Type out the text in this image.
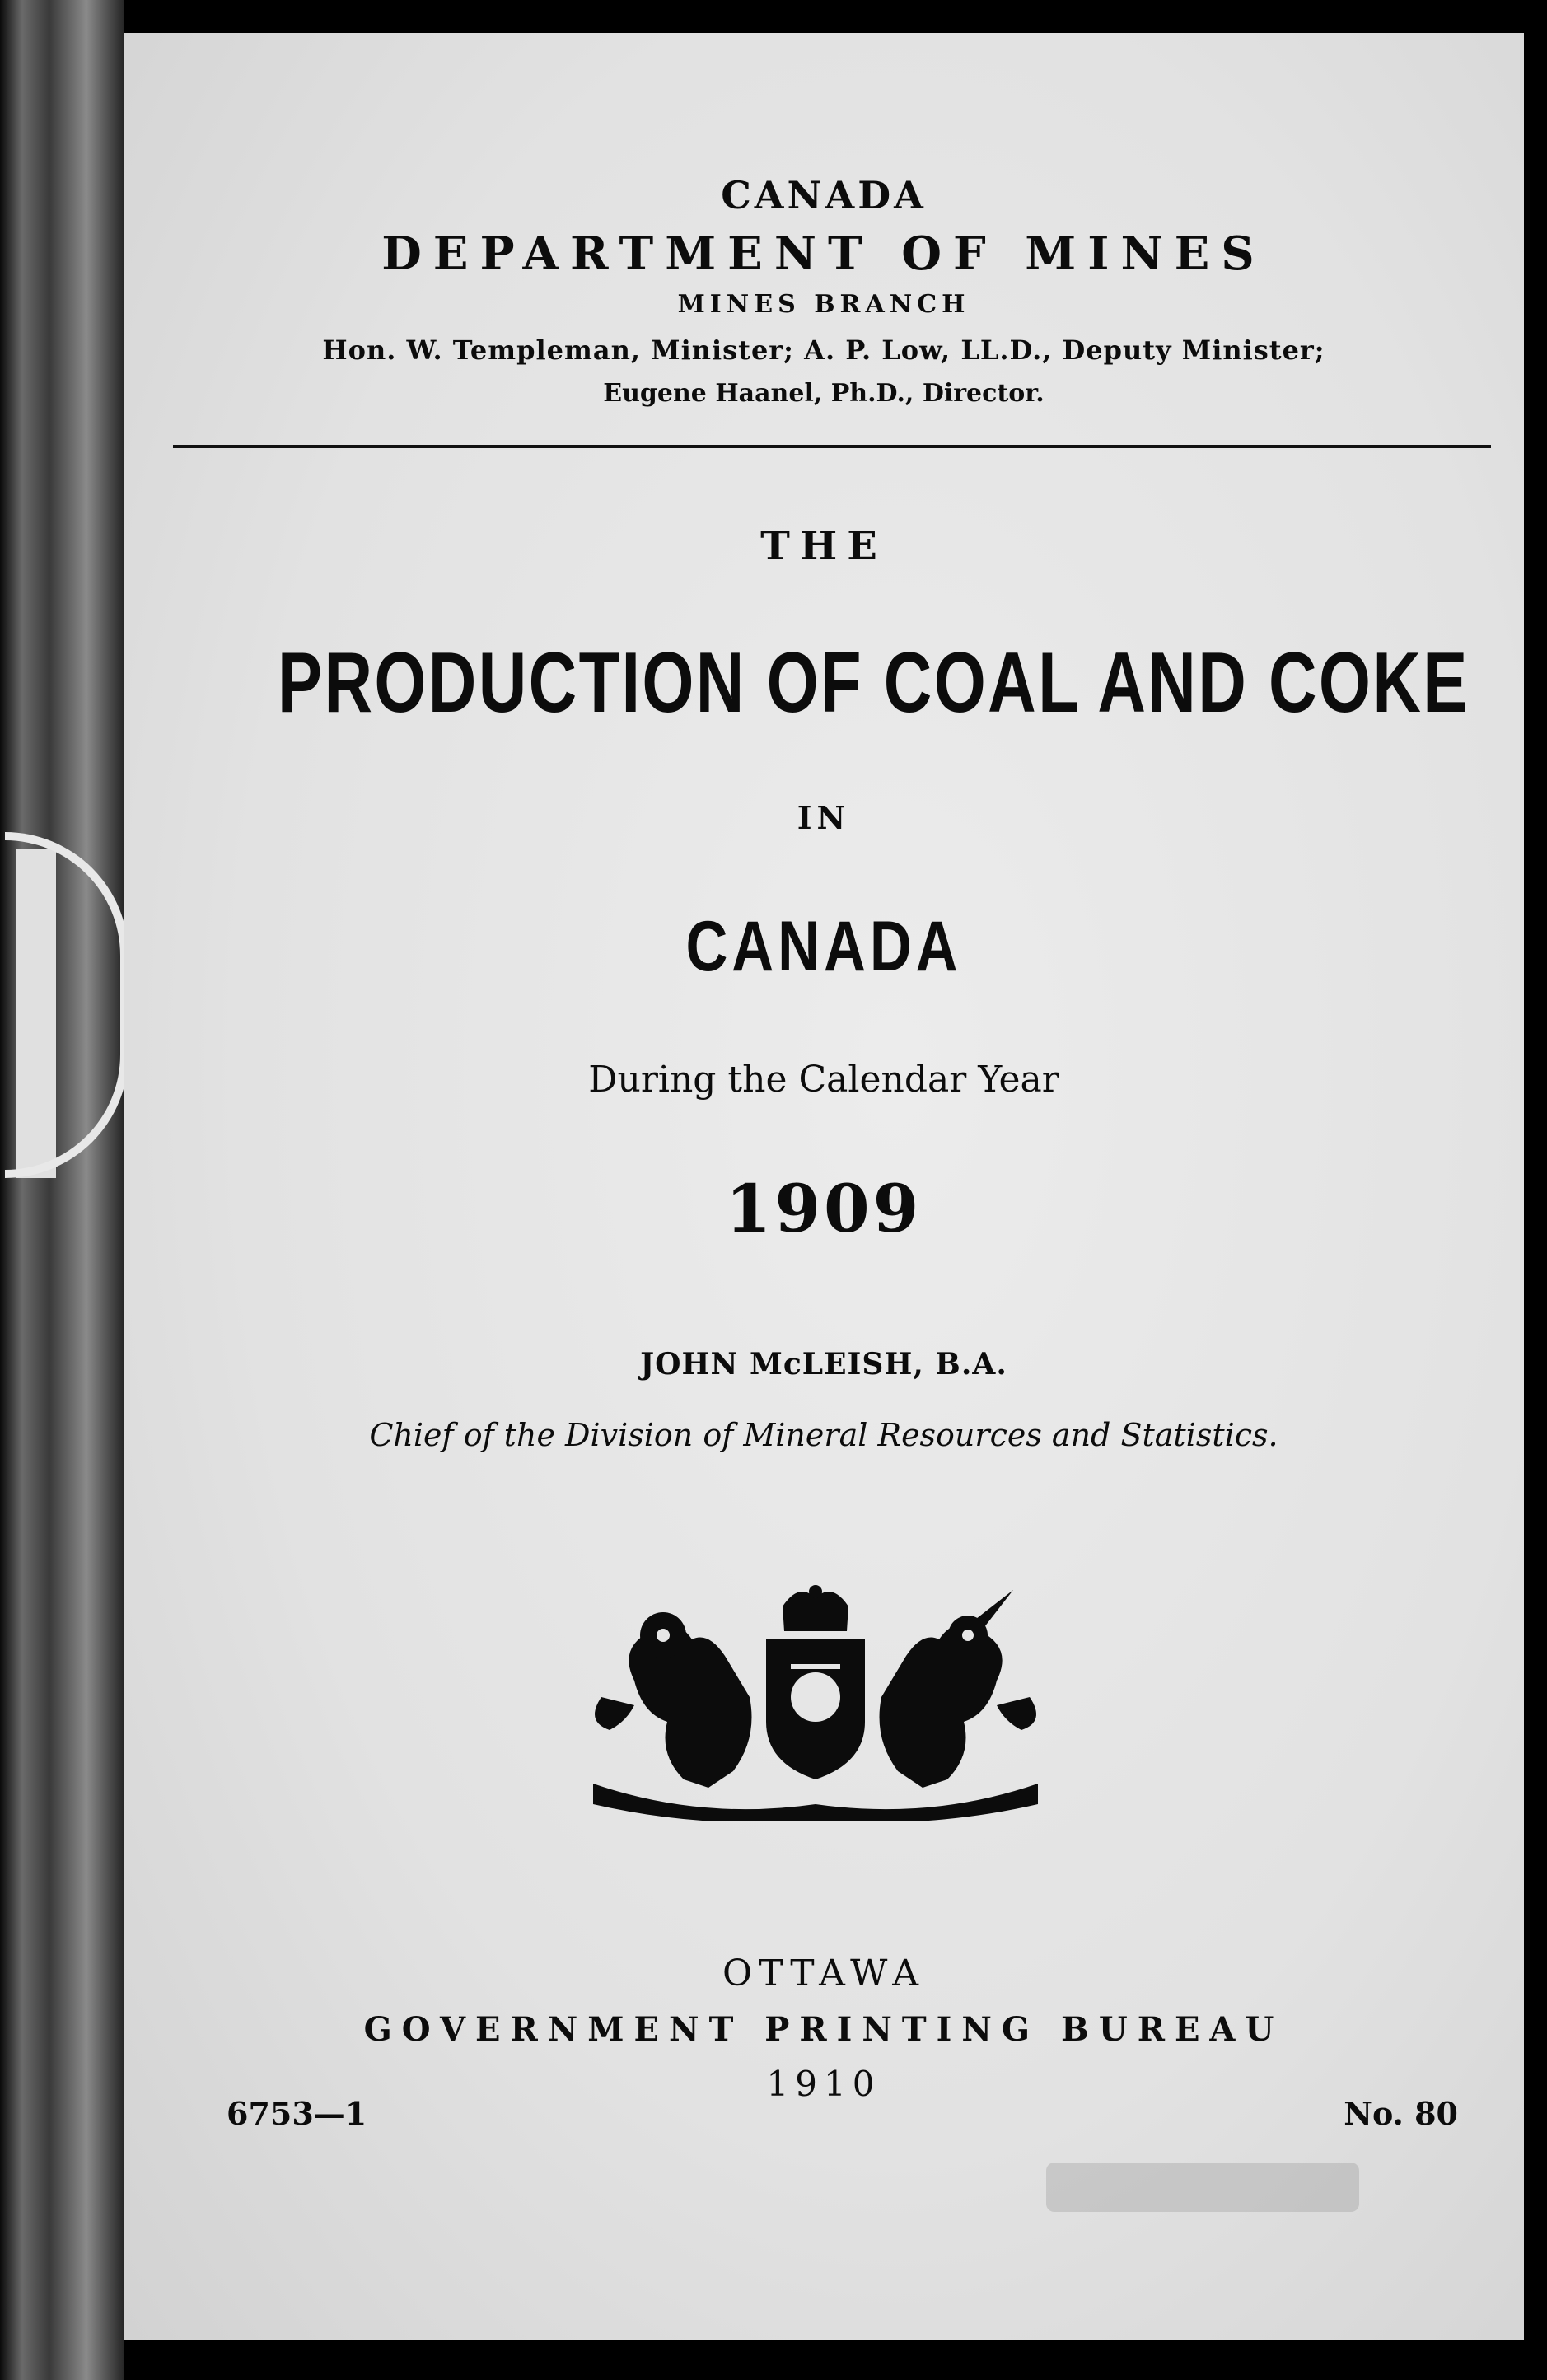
CANADA
DEPARTMENT OF MINES
MINES BRANCH
Hon. W. Templeman, Minister; A. P. Low, LL.D., Deputy Minister;
Eugene Haanel, Ph.D., Director.
THE
PRODUCTION OF COAL AND COKE
IN
CANADA
During the Calendar Year
1909
JOHN McLEISH, B.A.
Chief of the Division of Mineral Resources and Statistics.
OTTAWA
GOVERNMENT PRINTING BUREAU
1910
6753—1	No. 80
